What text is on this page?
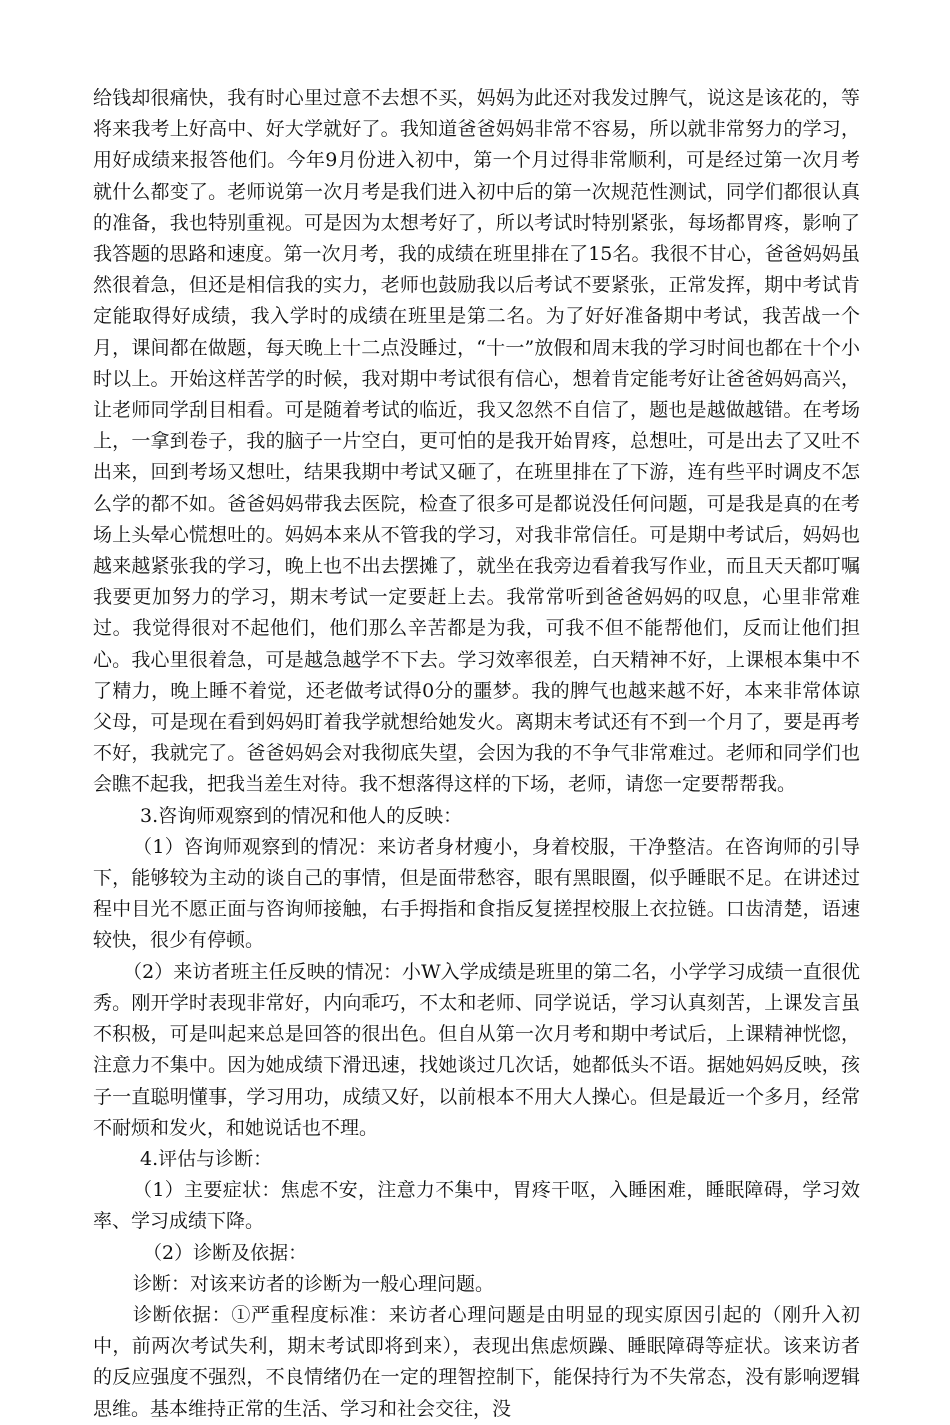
给钱却很痛快，我有时心里过意不去想不买，妈妈为此还对我发过脾气，说这是该花的，等将来我考上好高中、好大学就好了。我知道爸爸妈妈非常不容易，所以就非常努力的学习，用好成绩来报答他们。今年9月份进入初中，第一个月过得非常顺利，可是经过第一次月考就什么都变了。老师说第一次月考是我们进入初中后的第一次规范性测试，同学们都很认真的准备，我也特别重视。可是因为太想考好了，所以考试时特别紧张，每场都胃疼，影响了我答题的思路和速度。第一次月考，我的成绩在班里排在了15名。我很不甘心，爸爸妈妈虽然很着急，但还是相信我的实力，老师也鼓励我以后考试不要紧张，正常发挥，期中考试肯定能取得好成绩，我入学时的成绩在班里是第二名。为了好好准备期中考试，我苦战一个月，课间都在做题，每天晚上十二点没睡过，“十一”放假和周末我的学习时间也都在十个小时以上。开始这样苦学的时候，我对期中考试很有信心，想着肯定能考好让爸爸妈妈高兴，让老师同学刮目相看。可是随着考试的临近，我又忽然不自信了，题也是越做越错。在考场上，一拿到卷子，我的脑子一片空白，更可怕的是我开始胃疼，总想吐，可是出去了又吐不出来，回到考场又想吐，结果我期中考试又砸了，在班里排在了下游，连有些平时调皮不怎么学的都不如。爸爸妈妈带我去医院，检查了很多可是都说没任何问题，可是我是真的在考场上头晕心慌想吐的。妈妈本来从不管我的学习，对我非常信任。可是期中考试后，妈妈也越来越紧张我的学习，晚上也不出去摆摊了，就坐在我旁边看着我写作业，而且天天都叮嘱我要更加努力的学习，期末考试一定要赶上去。我常常听到爸爸妈妈的叹息，心里非常难过。我觉得很对不起他们，他们那么辛苦都是为我，可我不但不能帮他们，反而让他们担心。我心里很着急，可是越急越学不下去。学习效率很差，白天精神不好，上课根本集中不了精力，晚上睡不着觉，还老做考试得0分的噩梦。我的脾气也越来越不好，本来非常体谅父母，可是现在看到妈妈盯着我学就想给她发火。离期末考试还有不到一个月了，要是再考不好，我就完了。爸爸妈妈会对我彻底失望，会因为我的不争气非常难过。老师和同学们也会瞧不起我，把我当差生对待。我不想落得这样的下场，老师，请您一定要帮帮我。

3.咨询师观察到的情况和他人的反映：

（1）咨询师观察到的情况：来访者身材瘦小，身着校服，干净整洁。在咨询师的引导下，能够较为主动的谈自己的事情，但是面带愁容，眼有黑眼圈，似乎睡眠不足。在讲述过程中目光不愿正面与咨询师接触，右手拇指和食指反复搓捏校服上衣拉链。口齿清楚，语速较快，很少有停顿。

（2）来访者班主任反映的情况：小W入学成绩是班里的第二名，小学学习成绩一直很优秀。刚开学时表现非常好，内向乖巧，不太和老师、同学说话，学习认真刻苦，上课发言虽不积极，可是叫起来总是回答的很出色。但自从第一次月考和期中考试后，上课精神恍惚，注意力不集中。因为她成绩下滑迅速，找她谈过几次话，她都低头不语。据她妈妈反映，孩子一直聪明懂事，学习用功，成绩又好，以前根本不用大人操心。但是最近一个多月，经常不耐烦和发火，和她说话也不理。

4.评估与诊断：

（1）主要症状：焦虑不安，注意力不集中，胃疼干呕，入睡困难，睡眠障碍，学习效率、学习成绩下降。

（2）诊断及依据：

诊断：对该来访者的诊断为一般心理问题。

诊断依据：①严重程度标准：来访者心理问题是由明显的现实原因引起的（刚升入初中，前两次考试失利，期末考试即将到来），表现出焦虑烦躁、睡眠障碍等症状。该来访者的反应强度不强烈，不良情绪仍在一定的理智控制下，能保持行为不失常态，没有影响逻辑思维。基本维持正常的生活、学习和社会交往，没
